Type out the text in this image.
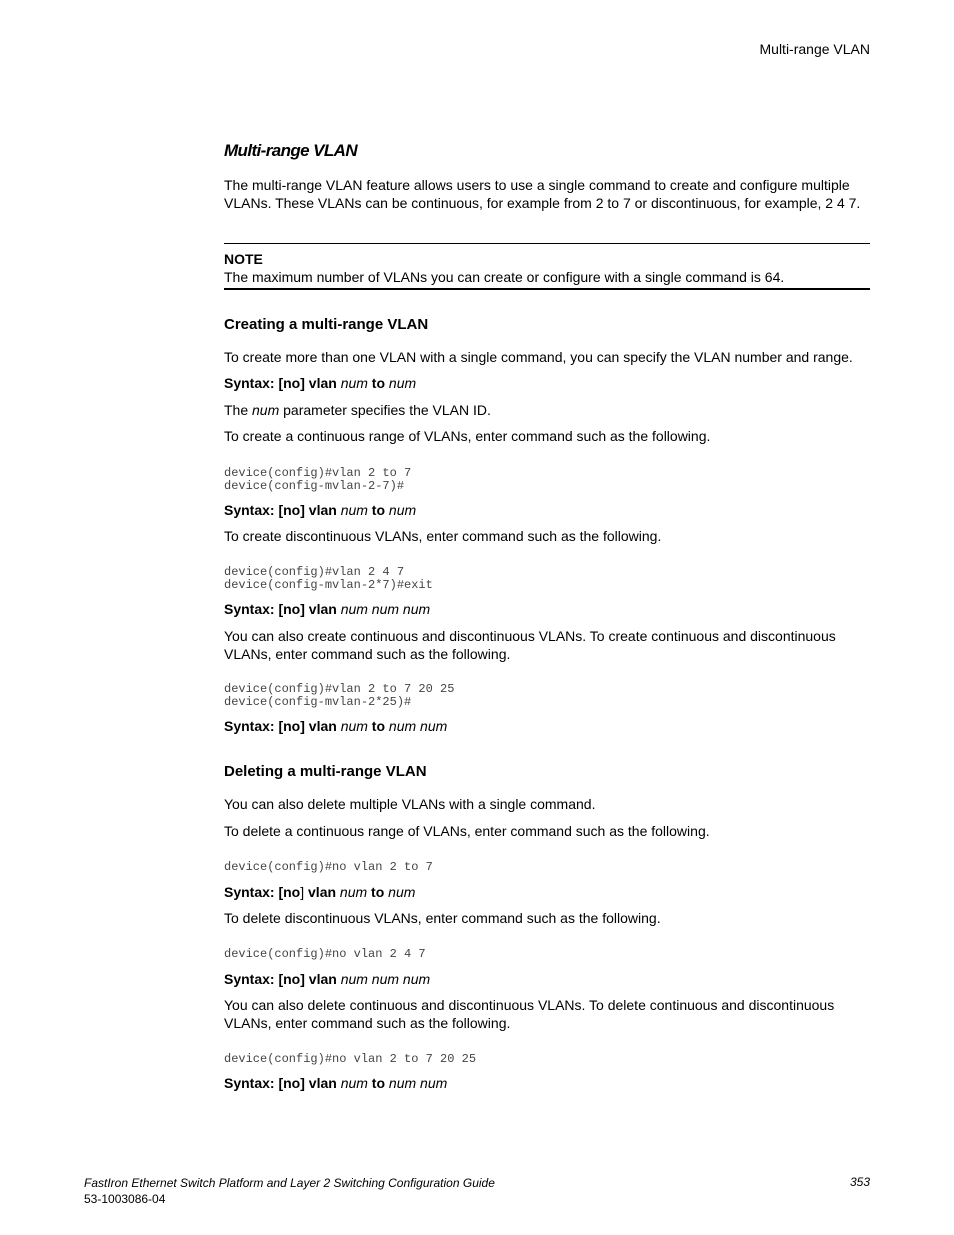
Multi-range VLAN
Multi-range VLAN
The multi-range VLAN feature allows users to use a single command to create and configure multiple VLANs. These VLANs can be continuous, for example from 2 to 7 or discontinuous, for example, 2 4 7.
NOTE
The maximum number of VLANs you can create or configure with a single command is 64.
Creating a multi-range VLAN
To create more than one VLAN with a single command, you can specify the VLAN number and range.
Syntax: [no] vlan num to num
The num parameter specifies the VLAN ID.
To create a continuous range of VLANs, enter command such as the following.
device(config)#vlan 2 to 7
device(config-mvlan-2-7)#
Syntax: [no] vlan num to num
To create discontinuous VLANs, enter command such as the following.
device(config)#vlan 2 4 7
device(config-mvlan-2*7)#exit
Syntax: [no] vlan num num num
You can also create continuous and discontinuous VLANs. To create continuous and discontinuous VLANs, enter command such as the following.
device(config)#vlan 2 to 7 20 25
device(config-mvlan-2*25)#
Syntax: [no] vlan num to num num
Deleting a multi-range VLAN
You can also delete multiple VLANs with a single command.
To delete a continuous range of VLANs, enter command such as the following.
device(config)#no vlan 2 to 7
Syntax: [no] vlan num to num
To delete discontinuous VLANs, enter command such as the following.
device(config)#no vlan 2 4 7
Syntax: [no] vlan num num num
You can also delete continuous and discontinuous VLANs. To delete continuous and discontinuous VLANs, enter command such as the following.
device(config)#no vlan 2 to 7 20 25
Syntax: [no] vlan num to num num
FastIron Ethernet Switch Platform and Layer 2 Switching Configuration Guide
53-1003086-04
353
